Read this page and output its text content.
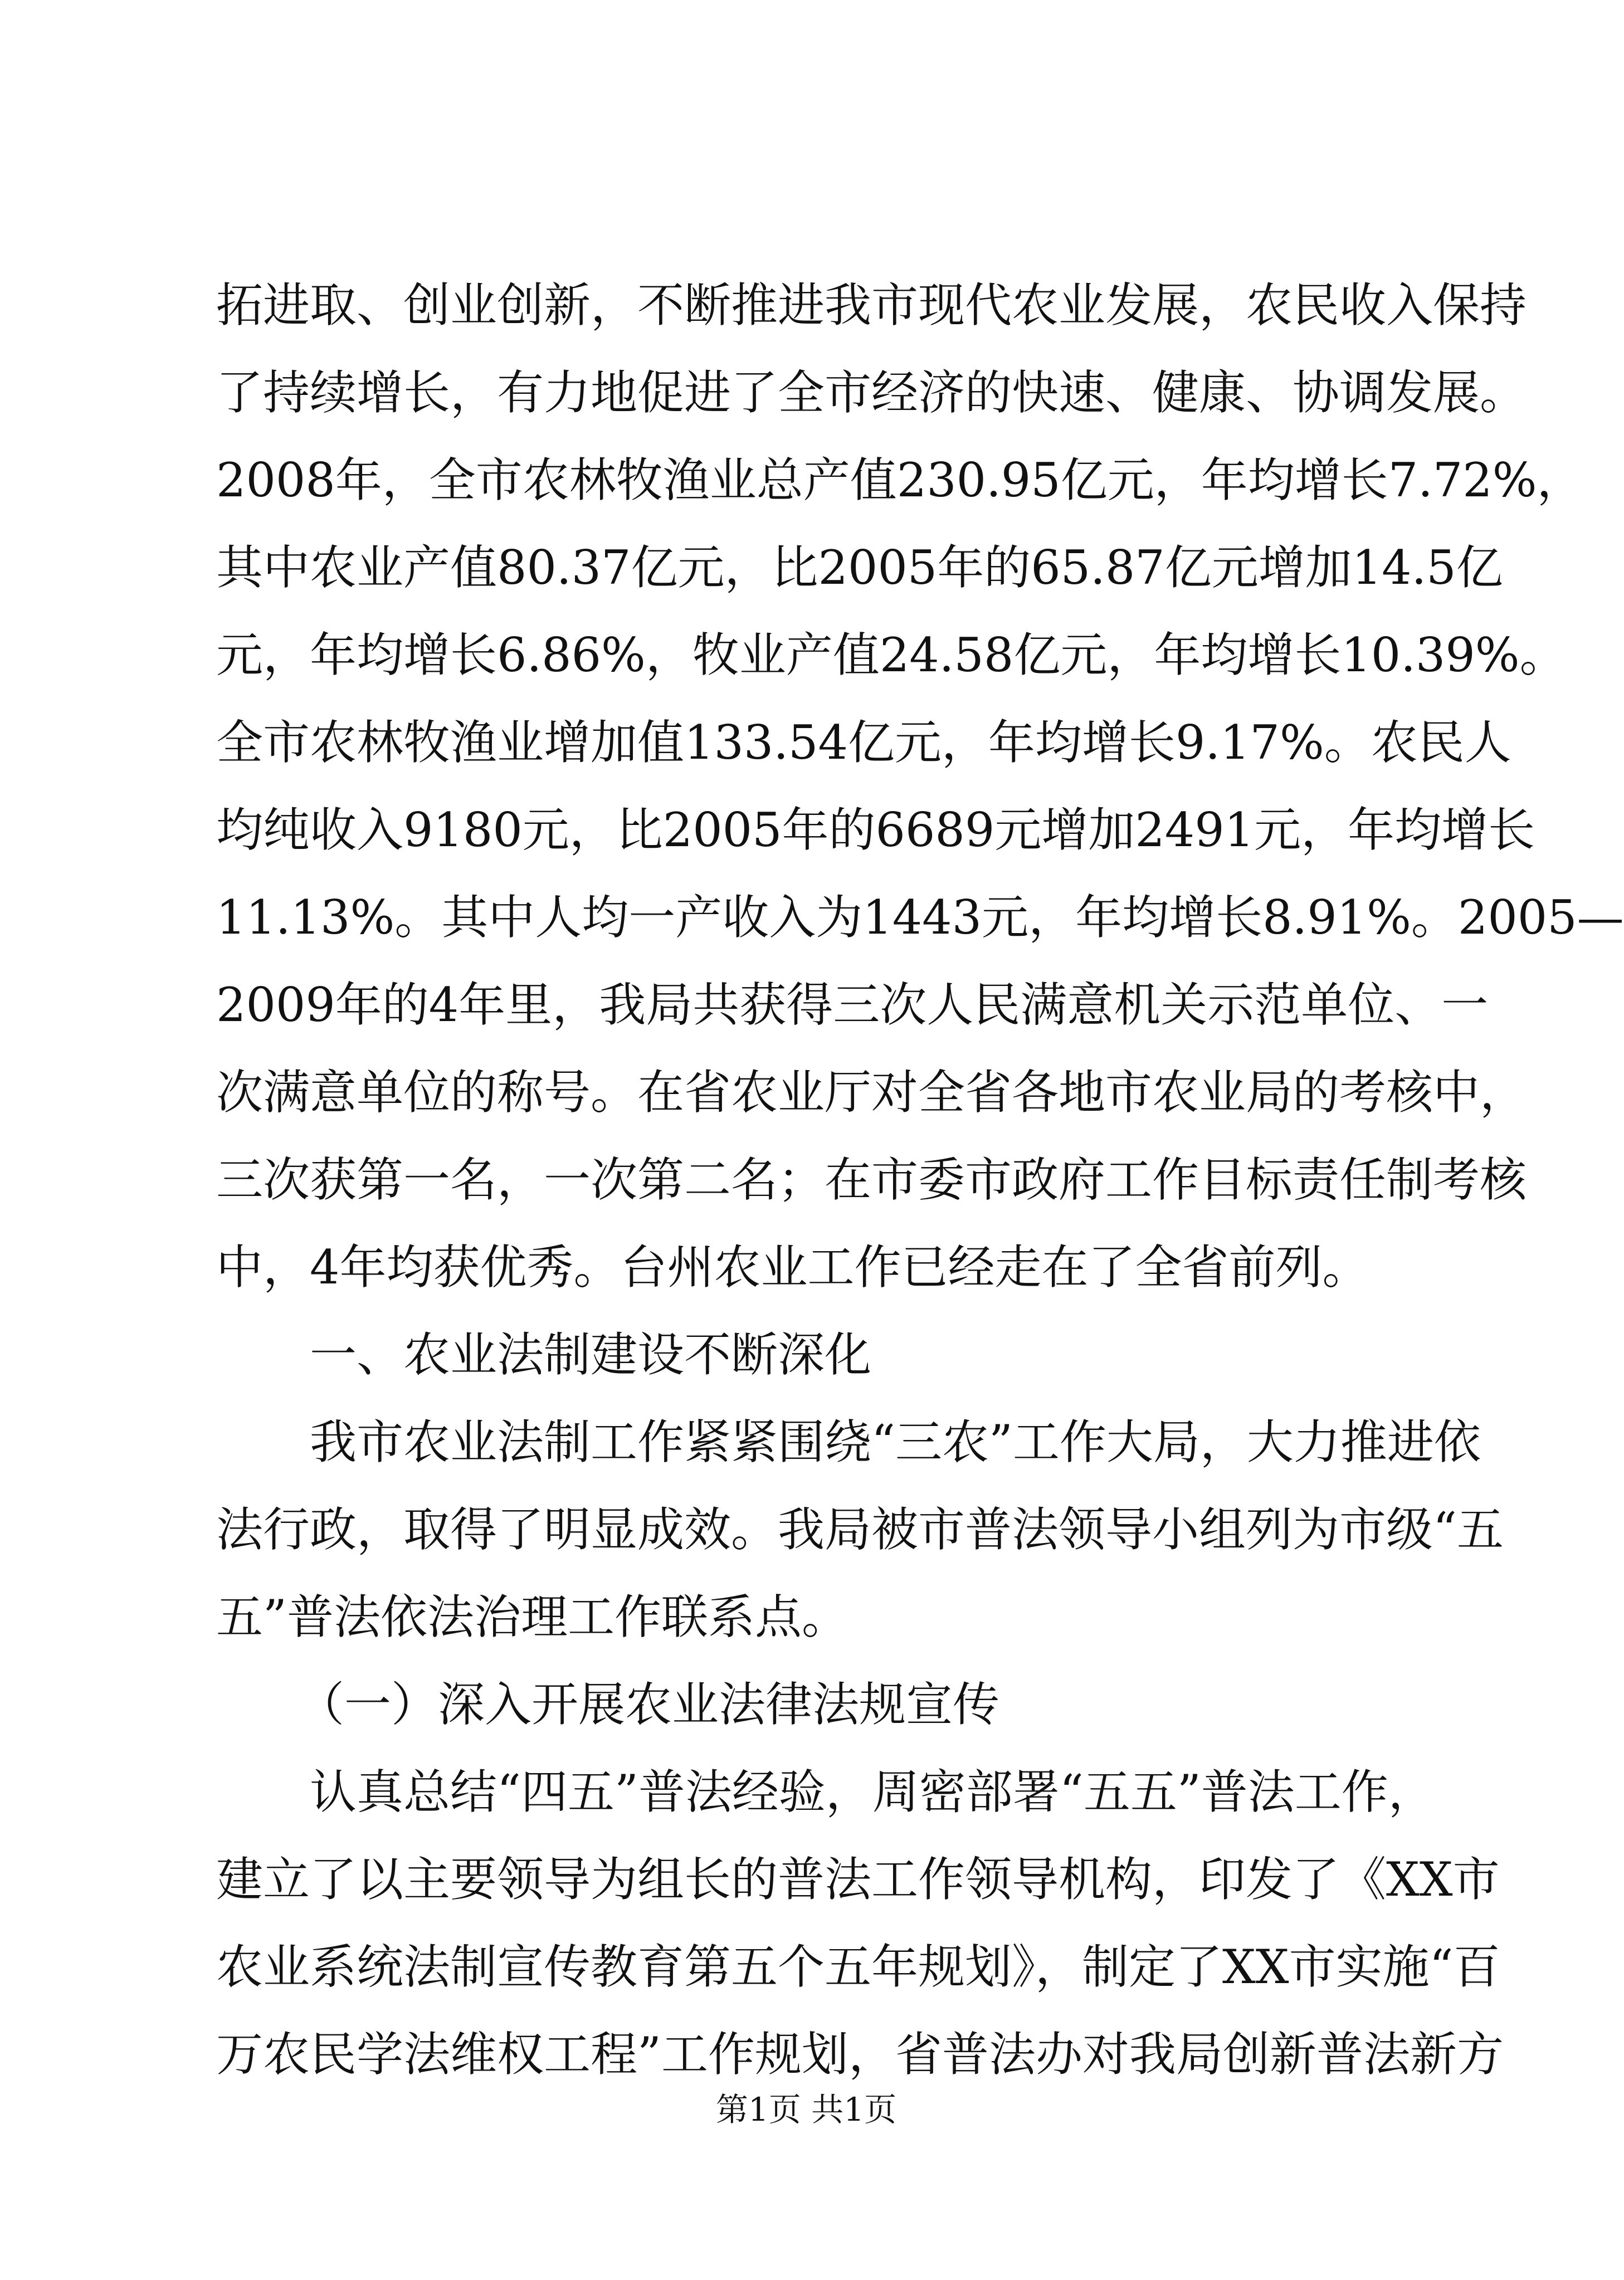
拓进取、创业创新，不断推进我市现代农业发展，农民收入保持
了持续增长，有力地促进了全市经济的快速、健康、协调发展。
2008年，全市农林牧渔业总产值230.95亿元，年均增长7.72%，
其中农业产值80.37亿元，比2005年的65.87亿元增加14.5亿
元，年均增长6.86%，牧业产值24.58亿元，年均增长10.39%。
全市农林牧渔业增加值133.54亿元，年均增长9.17%。农民人
均纯收入9180元，比2005年的6689元增加2491元，年均增长
11.13%。其中人均一产收入为1443元，年均增长8.91%。2005—
2009年的4年里，我局共获得三次人民满意机关示范单位、一
次满意单位的称号。在省农业厅对全省各地市农业局的考核中，
三次获第一名，一次第二名；在市委市政府工作目标责任制考核
中，4年均获优秀。台州农业工作已经走在了全省前列。
一、农业法制建设不断深化
我市农业法制工作紧紧围绕“三农”工作大局，大力推进依
法行政，取得了明显成效。我局被市普法领导小组列为市级“五
五”普法依法治理工作联系点。
（一）深入开展农业法律法规宣传
认真总结“四五”普法经验，周密部署“五五”普法工作，
建立了以主要领导为组长的普法工作领导机构，印发了《XX市
农业系统法制宣传教育第五个五年规划》，制定了XX市实施“百
万农民学法维权工程”工作规划，省普法办对我局创新普法新方
第1页 共1页
